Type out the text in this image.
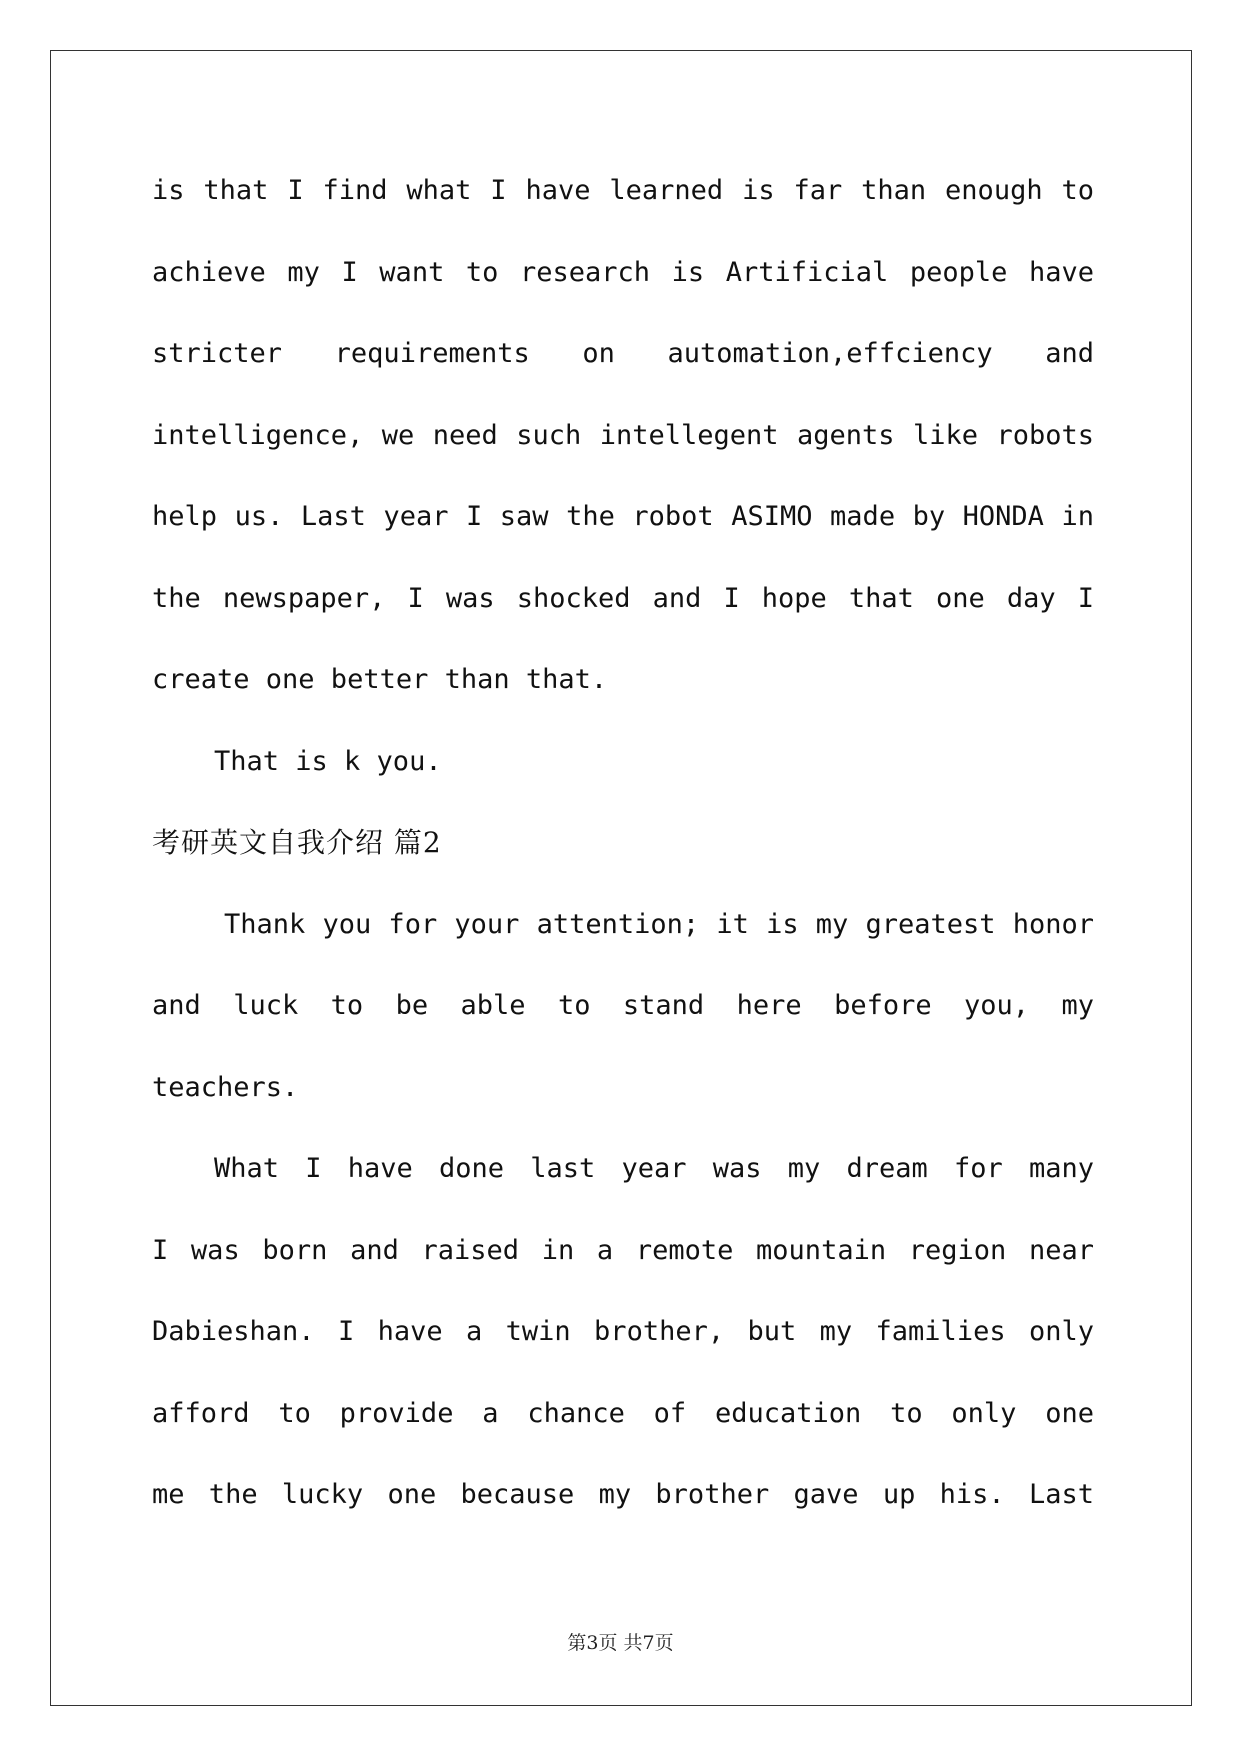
is that I find what I have learned is far than enough to
achieve my I want to research is Artificial people have
stricter requirements on automation,effciency and
intelligence, we need such intellegent agents like robots
help us. Last year I saw the robot ASIMO made by HONDA in
the newspaper, I was shocked and I hope that one day I
create one better than that.
That is k you.
考研英文自我介绍 篇2
Thank you for your attention; it is my greatest honor
and luck to be able to stand here before you, my
teachers.
What I have done last year was my dream for many
I was born and raised in a remote mountain region near
Dabieshan. I have a twin brother, but my families only
afford to provide a chance of education to only one
me the lucky one because my brother gave up his. Last
第3页 共7页
